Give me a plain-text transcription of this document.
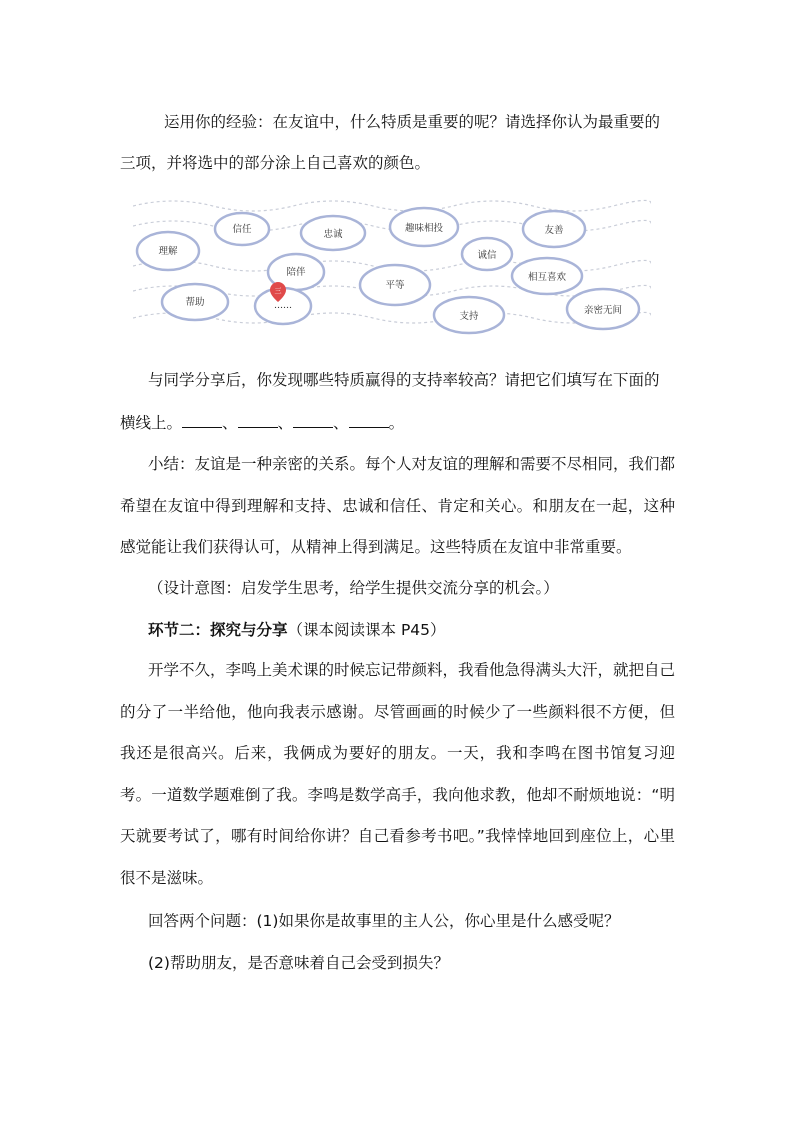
运用你的经验：在友谊中，什么特质是重要的呢？请选择你认为最重要的
三项，并将选中的部分涂上自己喜欢的颜色。
理解
信任	忠诚
趣味相投
诚信
友善
陪伴
平等
相互喜欢
帮助	......
支持
亲密无间
三
与同学分享后，你发现哪些特质赢得的支持率较高？请把它们填写在下面的
横线上。	、	、	、	。
小结：友谊是一种亲密的关系。每个人对友谊的理解和需要不尽相同，我们都希望在友谊中得到理解和支持、忠诚和信任、肯定和关心。和朋友在一起，这种感觉能让我们获得认可，从精神上得到满足。这些特质在友谊中非常重要。
（设计意图：启发学生思考，给学生提供交流分享的机会。）
环节二：探究与分享（课本阅读课本 P45）
开学不久，李鸣上美术课的时候忘记带颜料，我看他急得满头大汗，就把自己的分了一半给他，他向我表示感谢。尽管画画的时候少了一些颜料很不方便，但我还是很高兴。后来，我俩成为要好的朋友。一天，我和李鸣在图书馆复习迎考。一道数学题难倒了我。李鸣是数学高手，我向他求教，他却不耐烦地说：“明天就要考试了，哪有时间给你讲？自己看参考书吧。”我悻悻地回到座位上，心里很不是滋味。
回答两个问题：(1)如果你是故事里的主人公，你心里是什么感受呢？
(2)帮助朋友，是否意味着自己会受到损失？
